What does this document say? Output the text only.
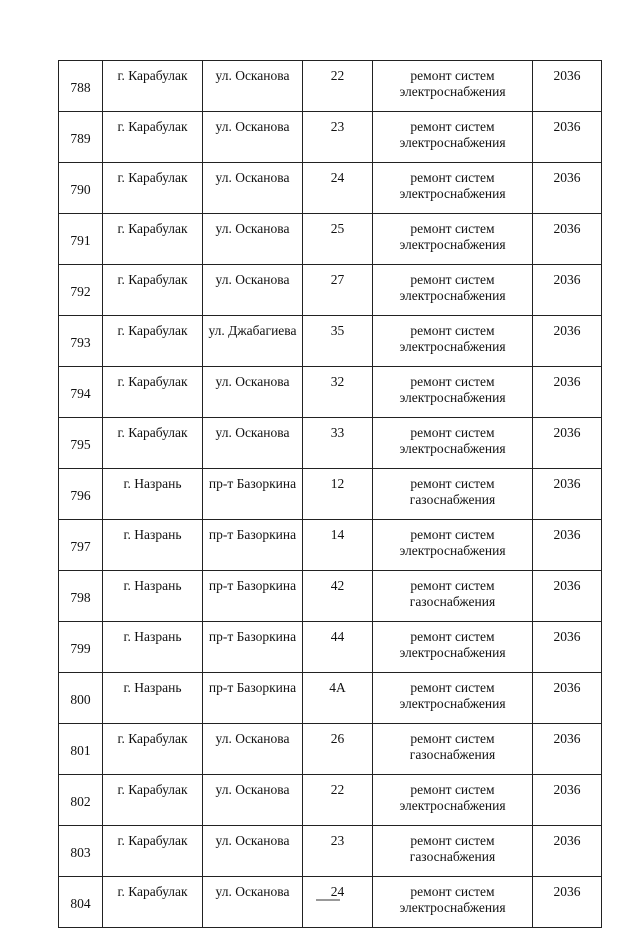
788	г. Карабулак	ул. Осканова	22	ремонт систем
электроснабжения	2036
789	г. Карабулак	ул. Осканова	23	ремонт систем
электроснабжения	2036
790	г. Карабулак	ул. Осканова	24	ремонт систем
электроснабжения	2036
791	г. Карабулак	ул. Осканова	25	ремонт систем
электроснабжения	2036
792	г. Карабулак	ул. Осканова	27	ремонт систем
электроснабжения	2036
793	г. Карабулак	ул. Джабагиева	35	ремонт систем
электроснабжения	2036
794	г. Карабулак	ул. Осканова	32	ремонт систем
электроснабжения	2036
795	г. Карабулак	ул. Осканова	33	ремонт систем
электроснабжения	2036
796	г. Назрань	пр-т Базоркина	12	ремонт систем
газоснабжения	2036
797	г. Назрань	пр-т Базоркина	14	ремонт систем
электроснабжения	2036
798	г. Назрань	пр-т Базоркина	42	ремонт систем
газоснабжения	2036
799	г. Назрань	пр-т Базоркина	44	ремонт систем
электроснабжения	2036
800	г. Назрань	пр-т Базоркина	4А	ремонт систем
электроснабжения	2036
801	г. Карабулак	ул. Осканова	26	ремонт систем
газоснабжения	2036
802	г. Карабулак	ул. Осканова	22	ремонт систем
электроснабжения	2036
803	г. Карабулак	ул. Осканова	23	ремонт систем
газоснабжения	2036
804	г. Карабулак	ул. Осканова	24	ремонт систем
электроснабжения	2036
